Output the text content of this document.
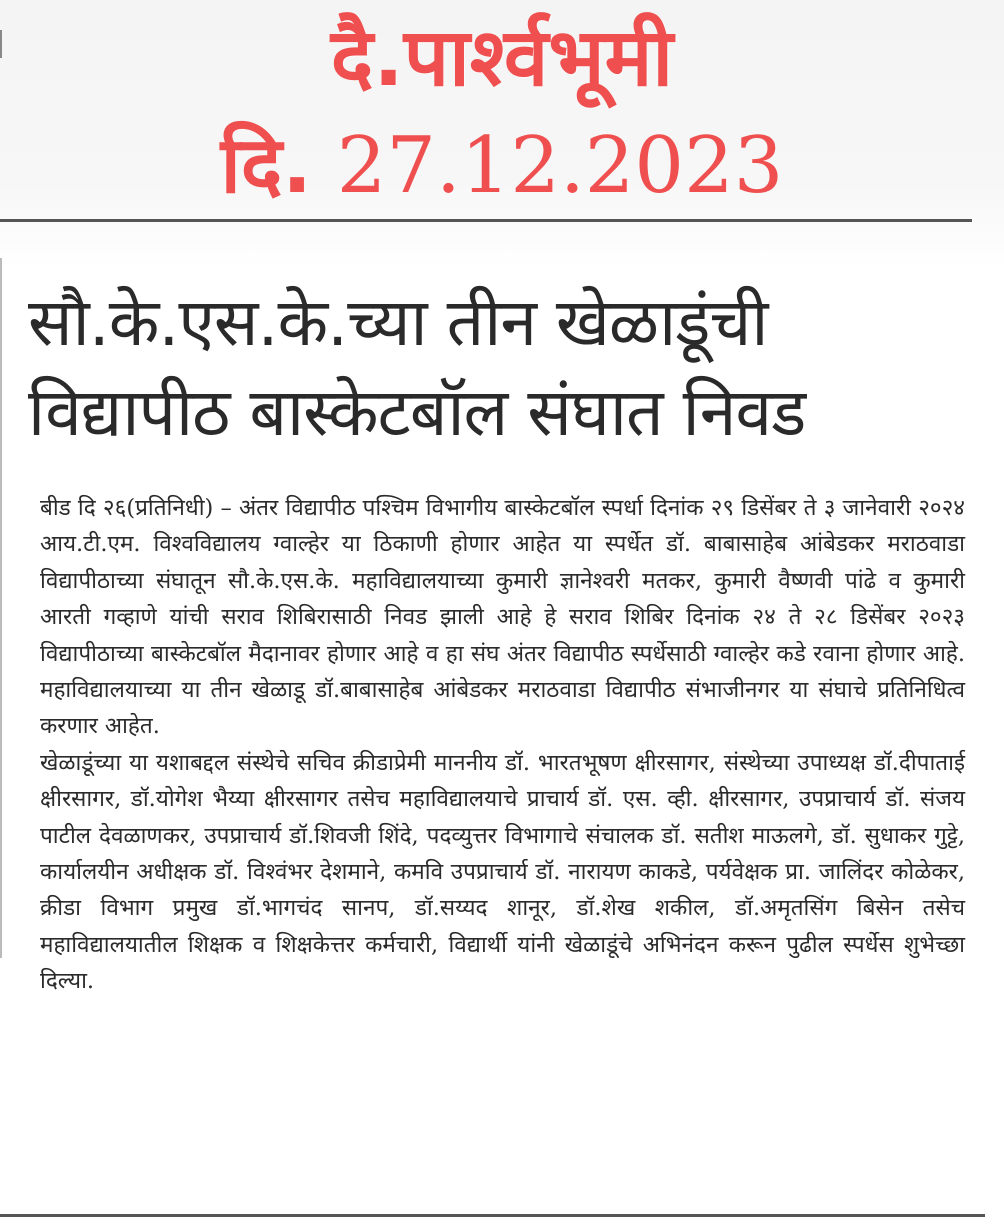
दै.पार्श्वभूमी
दि. 27.12.2023
सौ.के.एस.के.च्या तीन खेळाडूंची
विद्यापीठ बास्केटबॉल संघात निवड

बीड दि २६(प्रतिनिधी) – अंतर विद्यापीठ पश्चिम विभागीय बास्केटबॉल स्पर्धा दिनांक २९ डिसेंबर ते ३ जानेवारी २०२४ आय.टी.एम. विश्वविद्यालय ग्वाल्हेर या ठिकाणी होणार आहेत या स्पर्धेत डॉ. बाबासाहेब आंबेडकर मराठवाडा विद्यापीठाच्या संघातून सौ.के.एस.के. महाविद्यालयाच्या कुमारी ज्ञानेश्वरी मतकर, कुमारी वैष्णवी पांढे व कुमारी आरती गव्हाणे यांची सराव शिबिरासाठी निवड झाली आहे हे सराव शिबिर दिनांक २४ ते २८ डिसेंबर २०२३ विद्यापीठाच्या बास्केटबॉल मैदानावर होणार आहे व हा संघ अंतर विद्यापीठ स्पर्धेसाठी ग्वाल्हेर कडे रवाना होणार आहे. महाविद्यालयाच्या या तीन खेळाडू डॉ.बाबासाहेब आंबेडकर मराठवाडा विद्यापीठ संभाजीनगर या संघाचे प्रतिनिधित्व करणार आहेत.

खेळाडूंच्या या यशाबद्दल संस्थेचे सचिव क्रीडाप्रेमी माननीय डॉ. भारतभूषण क्षीरसागर, संस्थेच्या उपाध्यक्ष डॉ.दीपाताई क्षीरसागर, डॉ.योगेश भैय्या क्षीरसागर तसेच महाविद्यालयाचे प्राचार्य डॉ. एस. व्ही. क्षीरसागर, उपप्राचार्य डॉ. संजय पाटील देवळाणकर, उपप्राचार्य डॉ.शिवजी शिंदे, पदव्युत्तर विभागाचे संचालक डॉ. सतीश माऊलगे, डॉ. सुधाकर गुट्टे, कार्यालयीन अधीक्षक डॉ. विश्वंभर देशमाने, कमवि उपप्राचार्य डॉ. नारायण काकडे, पर्यवेक्षक प्रा. जालिंदर कोळेकर, क्रीडा विभाग प्रमुख डॉ.भागचंद सानप, डॉ.सय्यद शानूर, डॉ.शेख शकील, डॉ.अमृतसिंग बिसेन तसेच महाविद्यालयातील शिक्षक व शिक्षकेत्तर कर्मचारी, विद्यार्थी यांनी खेळाडूंचे अभिनंदन करून पुढील स्पर्धेस शुभेच्छा दिल्या.
